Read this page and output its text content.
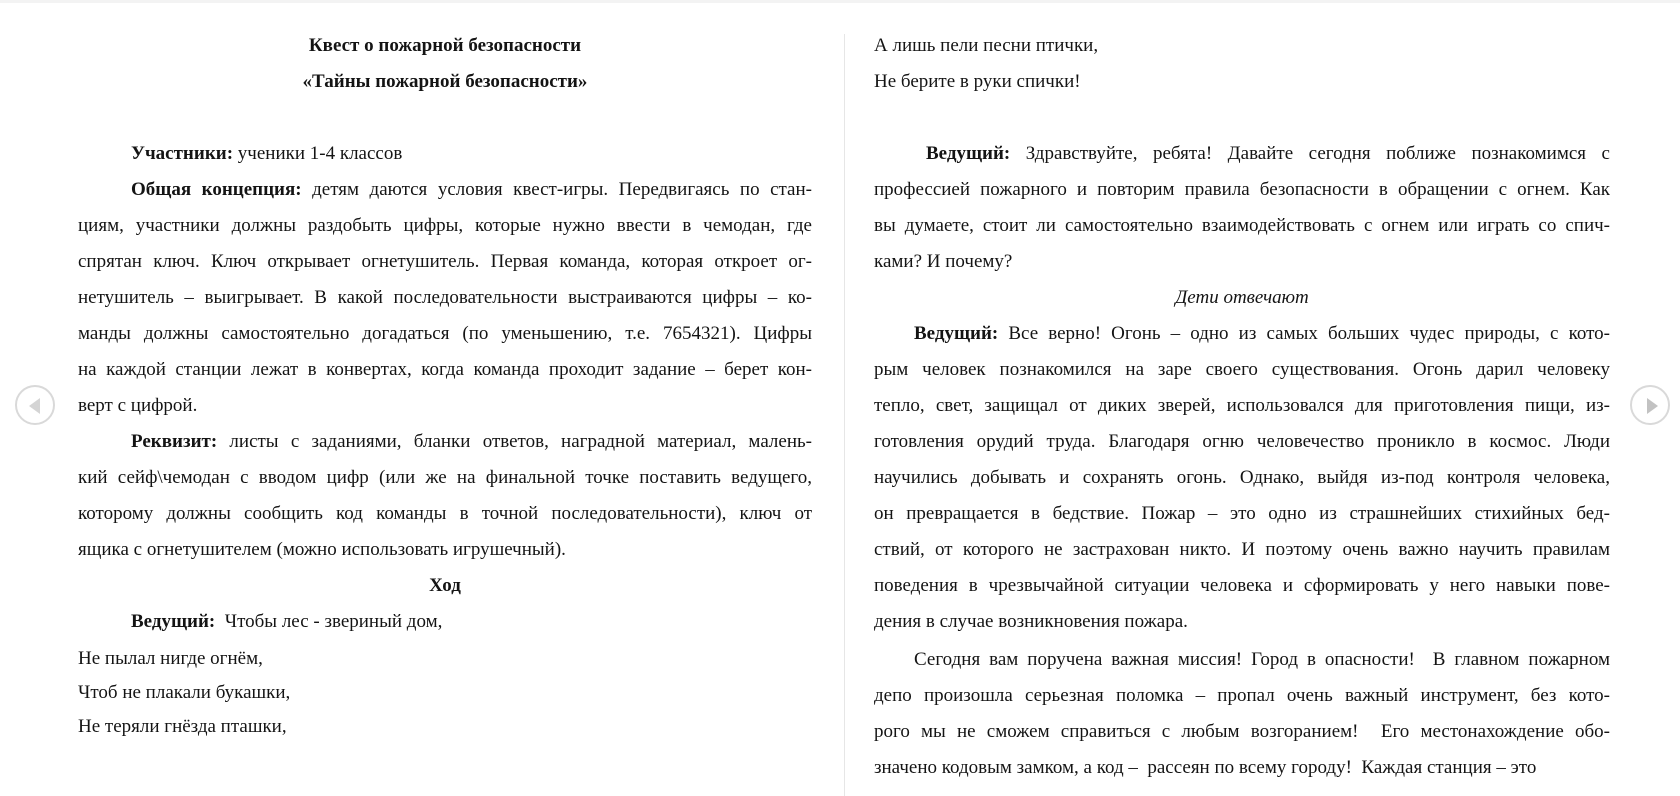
Квест о пожарной безопасности

«Тайны пожарной безопасности»

Участники: ученики 1-4 классов

Общая концепция: детям даются условия квест-игры. Передвигаясь по стан-
циям, участники должны раздобыть цифры, которые нужно ввести в чемодан, где
спрятан ключ. Ключ открывает огнетушитель. Первая команда, которая откроет ог-
нетушитель – выигрывает. В какой последовательности выстраиваются цифры – ко-
манды должны самостоятельно догадаться (по уменьшению, т.е. 7654321). Цифры
на каждой станции лежат в конвертах, когда команда проходит задание – берет кон-
верт с цифрой.
Реквизит: листы с заданиями, бланки ответов, наградной материал, малень-
кий сейф\чемодан с вводом цифр (или же на финальной точке поставить ведущего,
которому должны сообщить код команды в точной последовательности), ключ от
ящика с огнетушителем (можно использовать игрушечный).

Ход

Ведущий:  Чтобы лес - звериный дом,

Не пылал нигде огнём,
Чтоб не плакали букашки,
Не теряли гнёзда пташки,
А лишь пели песни птички,
Не берите в руки спички!
Ведущий: Здравствуйте, ребята! Давайте сегодня поближе познакомимся с
профессией пожарного и повторим правила безопасности в обращении с огнем. Как
вы думаете, стоит ли самостоятельно взаимодействовать с огнем или играть со спич-
ками? И почему?

Дети отвечают

Ведущий: Все верно! Огонь – одно из самых больших чудес природы, с кото-
рым человек познакомился на заре своего существования. Огонь дарил человеку
тепло, свет, защищал от диких зверей, использовался для приготовления пищи, из-
готовления орудий труда. Благодаря огню человечество проникло в космос. Люди
научились добывать и сохранять огонь. Однако, выйдя из-под контроля человека,
он превращается в бедствие. Пожар – это одно из страшнейших стихийных бед-
ствий, от которого не застрахован никто. И поэтому очень важно научить правилам
поведения в чрезвычайной ситуации человека и сформировать у него навыки пове-
дения в случае возникновения пожара.
Сегодня вам поручена важная миссия! Город в опасности!  В главном пожарном
депо произошла серьезная поломка – пропал очень важный инструмент, без кото-
рого мы не сможем справиться с любым возгоранием!  Его местонахождение обо-
значено кодовым замком, а код –  рассеян по всему городу!  Каждая станция – это
